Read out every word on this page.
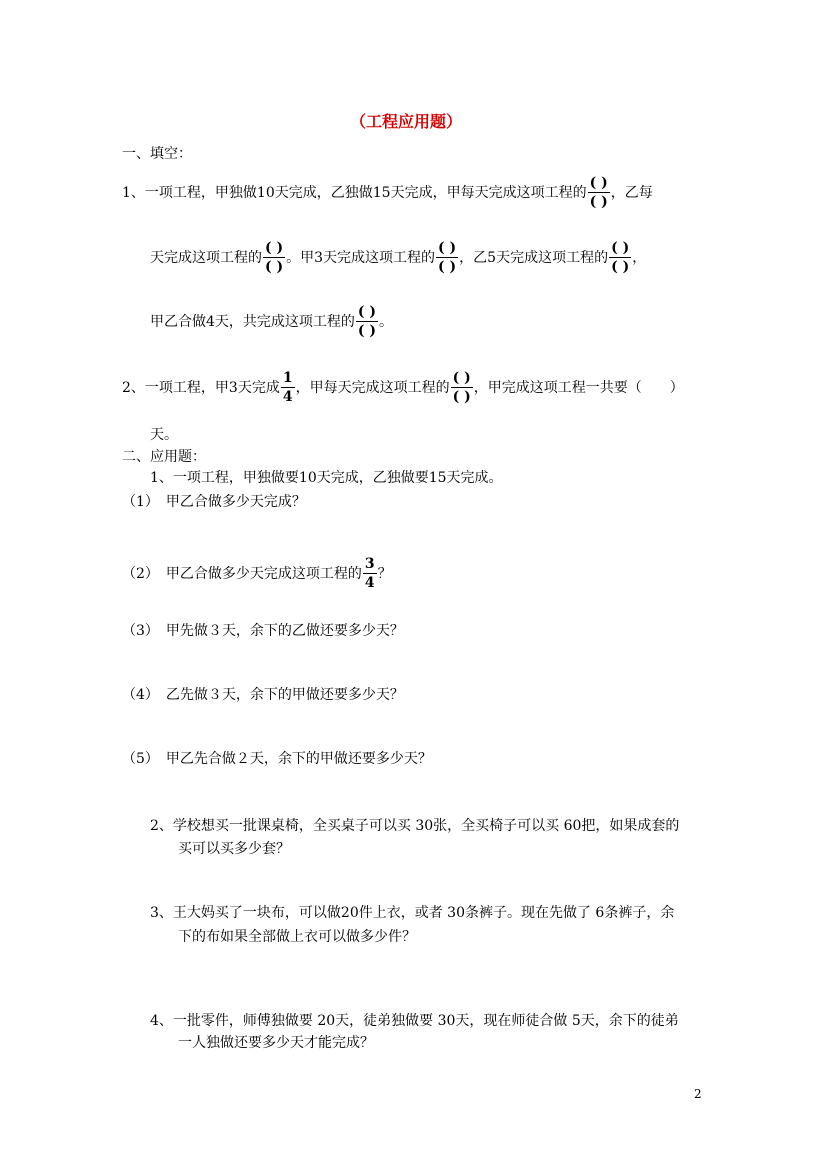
（工程应用题）
一、填空：
1、一项工程，甲独做 10 天完成，乙独做 15 天完成，甲每天完成这项工程的 $\frac{( )}{( )}$ ，乙每
天完成这项工程的 $\frac{( )}{( )}$ 。甲 3 天完成这项工程的 $\frac{( )}{( )}$ ，乙 5 天完成这项工程的 $\frac{( )}{( )}$ ，
甲乙合做 4 天，共完成这项工程的 $\frac{( )}{( )}$ 。
2、一项工程，甲 3 天完成 $\frac{1}{4}$ ，甲每天完成这项工程的 $\frac{( )}{( )}$ ，甲完成这项工程一共要（　　）
天。
二、应用题：
1、一项工程，甲独做要10天完成，乙独做要15天完成。
（1）　甲乙合做多少天完成？
（2）　甲乙合做多少天完成这项工程的 $\frac{3}{4}$ ？
（3）　甲先做３天，余下的乙做还要多少天？
（4）　乙先做３天，余下的甲做还要多少天？
（5）　甲乙先合做２天，余下的甲做还要多少天？
2、学校想买一批课桌椅，全买桌子可以买 30张，全买椅子可以买 60把，如果成套的
买可以买多少套？
3、王大妈买了一块布，可以做20件上衣，或者 30条裤子。现在先做了 6条裤子，余
下的布如果全部做上衣可以做多少件？
4、一批零件，师傅独做要 20天，徒弟独做要 30天，现在师徒合做 5天，余下的徒弟
一人独做还要多少天才能完成？
2
